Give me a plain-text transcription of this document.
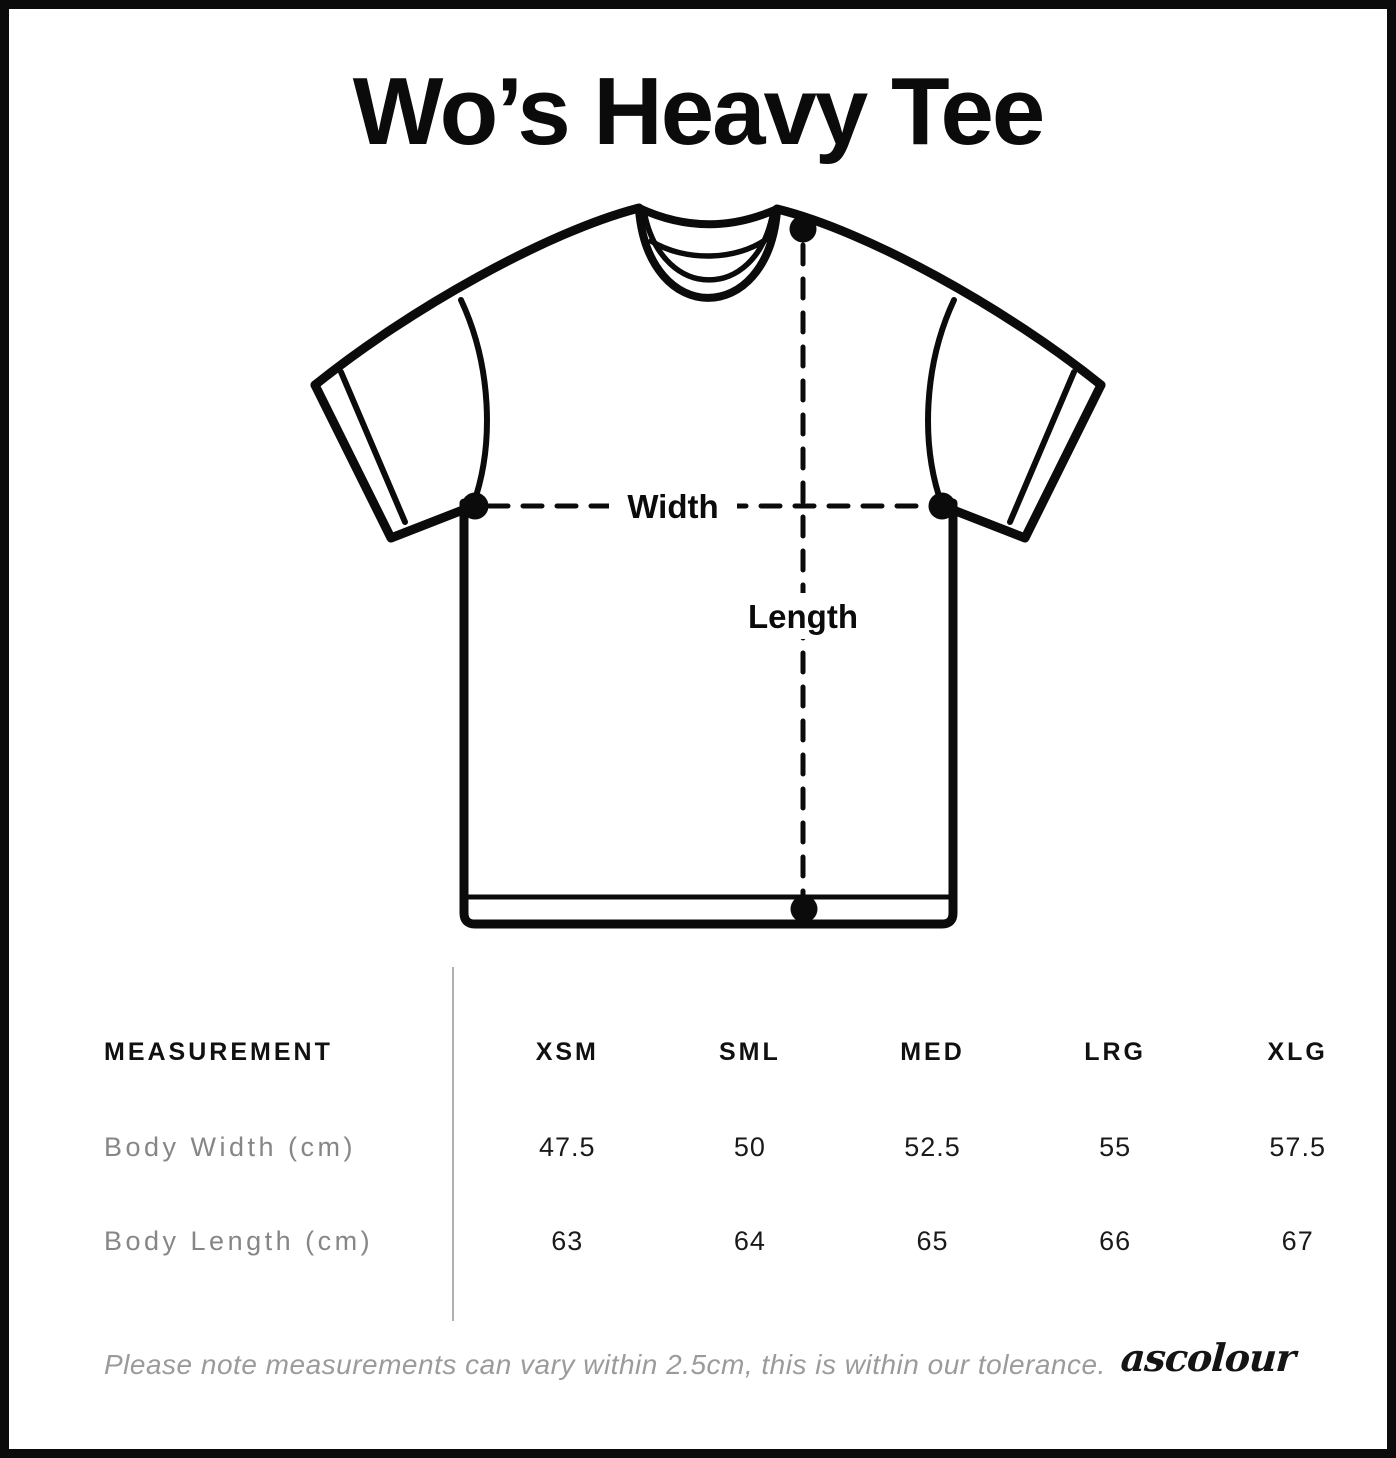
Wo’s Heavy Tee
Width
Length
MEASUREMENT	XSM	SML	MED	LRG	XLG
Body Width (cm)	47.5	50	52.5	55	57.5
Body Length (cm)	63	64	65	66	67
Please note measurements can vary within 2.5cm, this is within our tolerance. ascolour
